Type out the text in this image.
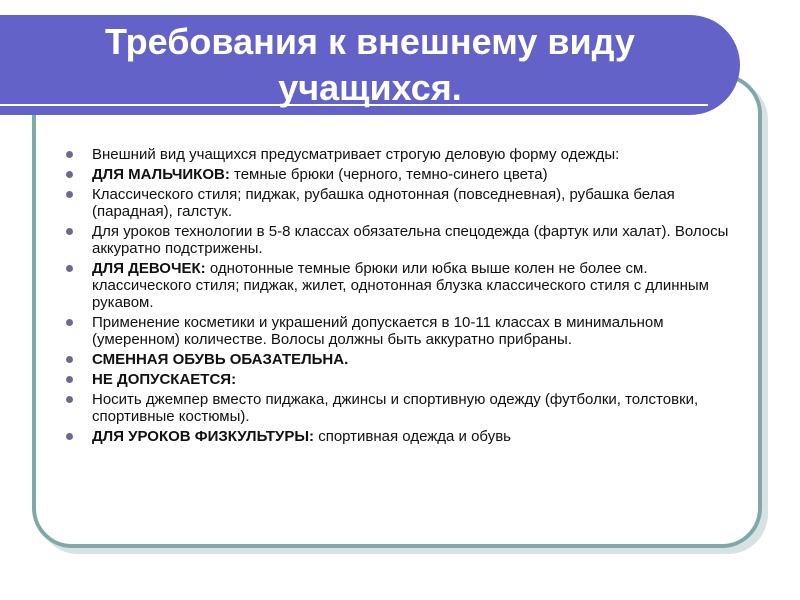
Требования к внешнему виду
учащихся.
Внешний вид учащихся предусматривает строгую деловую форму одежды:
ДЛЯ МАЛЬЧИКОВ: темные брюки (черного, темно-синего цвета)
Классического стиля; пиджак, рубашка однотонная (повседневная), рубашка белая (парадная), галстук.
Для уроков технологии в 5-8 классах обязательна спецодежда (фартук или халат). Волосы аккуратно подстрижены.
ДЛЯ ДЕВОЧЕК: однотонные темные брюки или юбка выше колен не более см. классического стиля; пиджак, жилет, однотонная блузка классического стиля с длинным рукавом.
Применение косметики и украшений допускается в 10-11 классах в минимальном (умеренном) количестве. Волосы должны быть аккуратно прибраны.
СМЕННАЯ ОБУВЬ ОБАЗАТЕЛЬНА.
НЕ ДОПУСКАЕТСЯ:
Носить джемпер вместо пиджака, джинсы и спортивную одежду (футболки, толстовки, спортивные костюмы).
ДЛЯ УРОКОВ ФИЗКУЛЬТУРЫ: спортивная одежда и обувь
